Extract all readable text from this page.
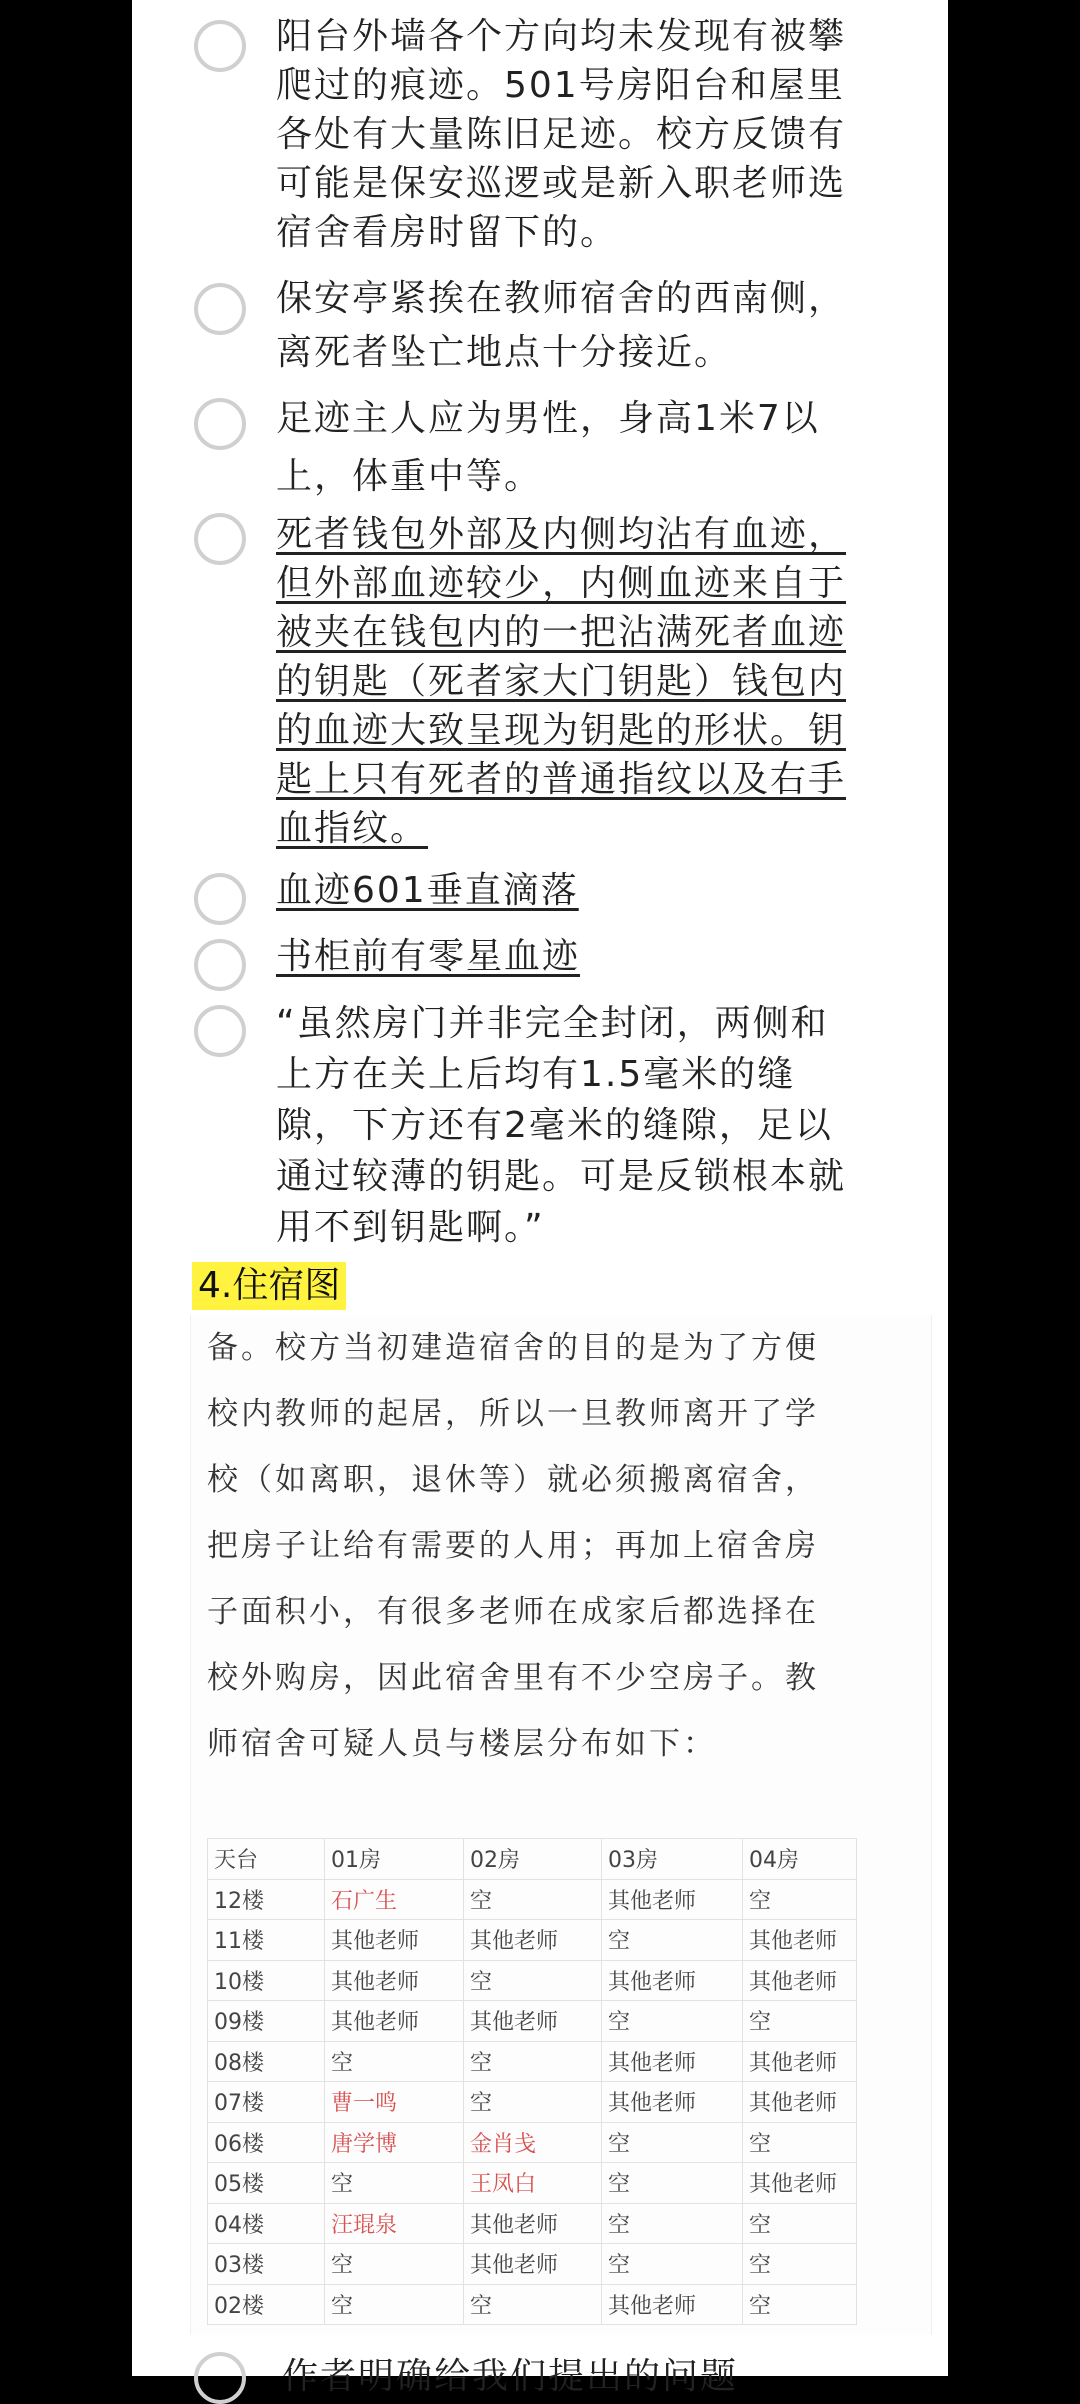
阳台外墙各个方向均未发现有被攀
爬过的痕迹。501号房阳台和屋里
各处有大量陈旧足迹。校方反馈有
可能是保安巡逻或是新入职老师选
宿舍看房时留下的。
保安亭紧挨在教师宿舍的西南侧，
离死者坠亡地点十分接近。
足迹主人应为男性，身高1米7以
上，体重中等。
死者钱包外部及内侧均沾有血迹，
但外部血迹较少，内侧血迹来自于
被夹在钱包内的一把沾满死者血迹
的钥匙（死者家大门钥匙）钱包内
的血迹大致呈现为钥匙的形状。钥
匙上只有死者的普通指纹以及右手
血指纹。
血迹601垂直滴落
书柜前有零星血迹
“虽然房门并非完全封闭，两侧和
上方在关上后均有1.5毫米的缝
隙，下方还有2毫米的缝隙，足以
通过较薄的钥匙。可是反锁根本就
用不到钥匙啊。”
4.住宿图
备。校方当初建造宿舍的目的是为了方便
校内教师的起居，所以一旦教师离开了学
校（如离职，退休等）就必须搬离宿舍，
把房子让给有需要的人用；再加上宿舍房
子面积小，有很多老师在成家后都选择在
校外购房，因此宿舍里有不少空房子。教
师宿舍可疑人员与楼层分布如下：
天台	01房	02房	03房	04房
12楼	石广生	空	其他老师	空
11楼	其他老师	其他老师	空	其他老师
10楼	其他老师	空	其他老师	其他老师
09楼	其他老师	其他老师	空	空
08楼	空	空	其他老师	其他老师
07楼	曹一鸣	空	其他老师	其他老师
06楼	唐学博	金肖戋	空	空
05楼	空	王凤白	空	其他老师
04楼	汪琨泉	其他老师	空	空
03楼	空	其他老师	空	空
02楼	空	空	其他老师	空
作者明确给我们提出的问题
